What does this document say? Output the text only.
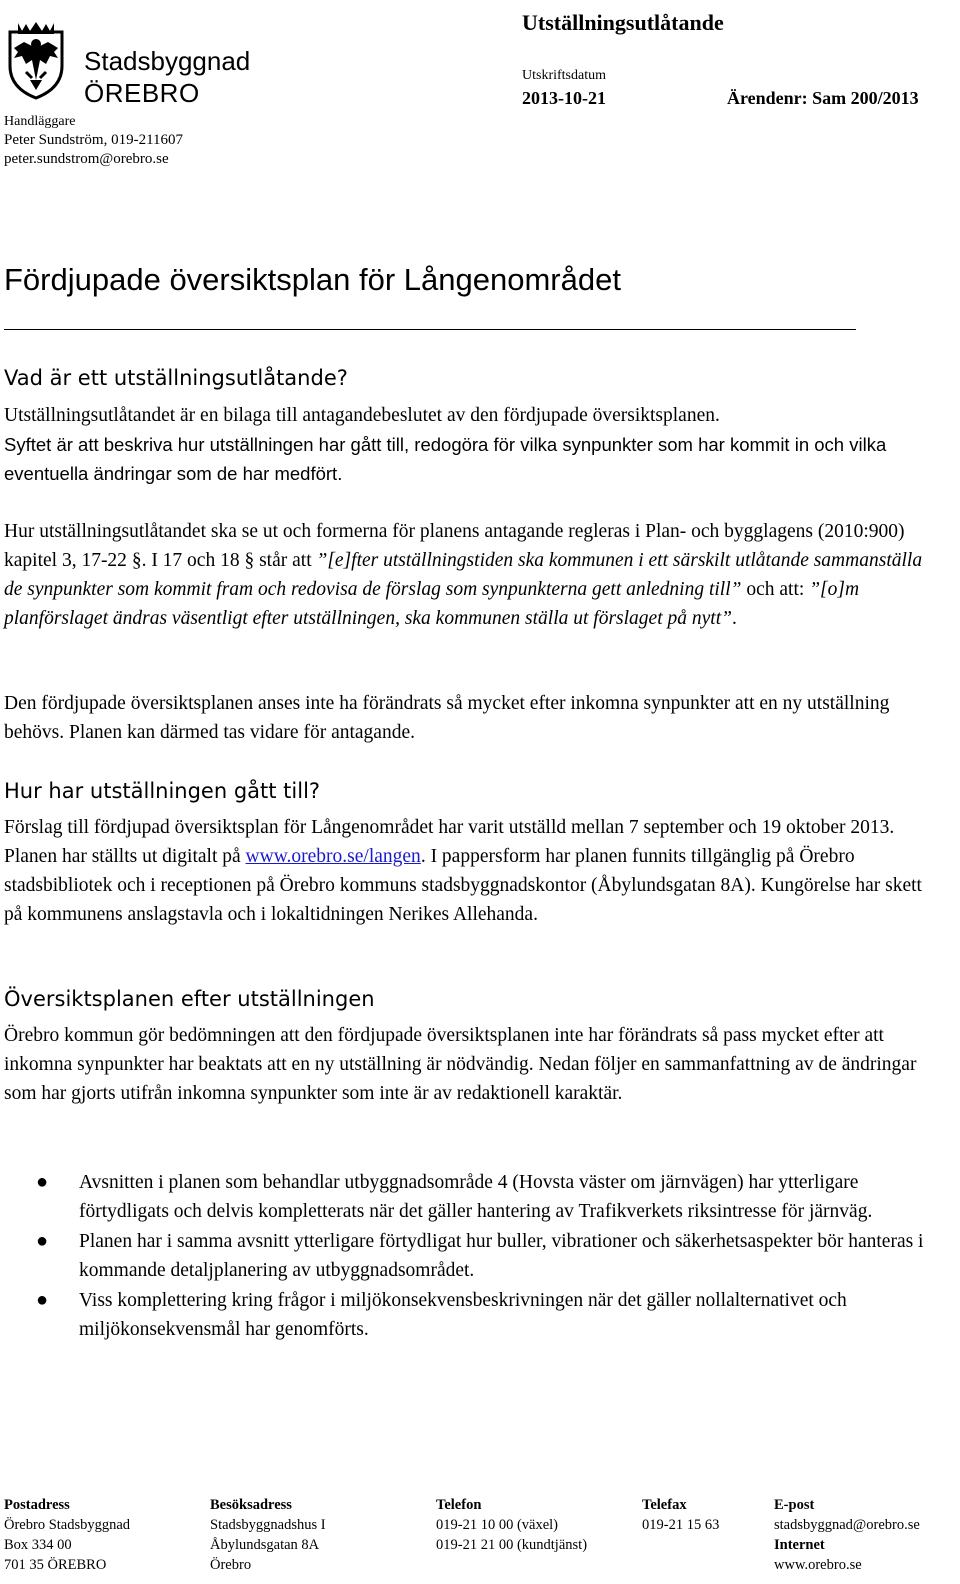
Stadsbyggnad
ÖREBRO
Handläggare
Peter Sundström, 019-211607
peter.sundstrom@orebro.se
Utställningsutlåtande
Utskriftsdatum
2013-10-21	Ärendenr: Sam 200/2013
Fördjupade översiktsplan för Långenområdet
Vad är ett utställningsutlåtande?

Utställningsutlåtandet är en bilaga till antagandebeslutet av den fördjupade översiktsplanen.

Syftet är att beskriva hur utställningen har gått till, redogöra för vilka synpunkter som har kommit in och vilka eventuella ändringar som de har medfört.

Hur utställningsutlåtandet ska se ut och formerna för planens antagande regleras i Plan- och bygglagens (2010:900) kapitel 3, 17-22 §. I 17 och 18 § står att ”[e]fter utställningstiden ska kommunen i ett särskilt utlåtande sammanställa de synpunkter som kommit fram och redovisa de förslag som synpunkterna gett anledning till” och att: ”[o]m planförslaget ändras väsentligt efter utställningen, ska kommunen ställa ut förslaget på nytt”.

Den fördjupade översiktsplanen anses inte ha förändrats så mycket efter inkomna synpunkter att en ny utställning behövs. Planen kan därmed tas vidare för antagande.

Hur har utställningen gått till?

Förslag till fördjupad översiktsplan för Långenområdet har varit utställd mellan 7 september och 19 oktober 2013. Planen har ställts ut digitalt på www.orebro.se/langen. I pappersform har planen funnits tillgänglig på Örebro stadsbibliotek och i receptionen på Örebro kommuns stadsbyggnadskontor (Åbylundsgatan 8A). Kungörelse har skett på kommunens anslagstavla och i lokaltidningen Nerikes Allehanda.

Översiktsplanen efter utställningen

Örebro kommun gör bedömningen att den fördjupade översiktsplanen inte har förändrats så pass mycket efter att inkomna synpunkter har beaktats att en ny utställning är nödvändig. Nedan följer en sammanfattning av de ändringar som har gjorts utifrån inkomna synpunkter som inte är av redaktionell karaktär.

● Avsnitten i planen som behandlar utbyggnadsområde 4 (Hovsta väster om järnvägen) har ytterligare förtydligats och delvis kompletterats när det gäller hantering av Trafikverkets riksintresse för järnväg.
● Planen har i samma avsnitt ytterligare förtydligat hur buller, vibrationer och säkerhetsaspekter bör hanteras i kommande detaljplanering av utbyggnadsområdet.
● Viss komplettering kring frågor i miljökonsekvensbeskrivningen när det gäller nollalternativet och miljökonsekvensmål har genomförts.
Postadress
Örebro Stadsbyggnad
Box 334 00
701 35 ÖREBRO
Besöksadress
Stadsbyggnadshus I
Åbylundsgatan 8A
Örebro
Telefon
019-21 10 00 (växel)
019-21 21 00 (kundtjänst)
Telefax
019-21 15 63
E-post
stadsbyggnad@orebro.se
Internet
www.orebro.se
